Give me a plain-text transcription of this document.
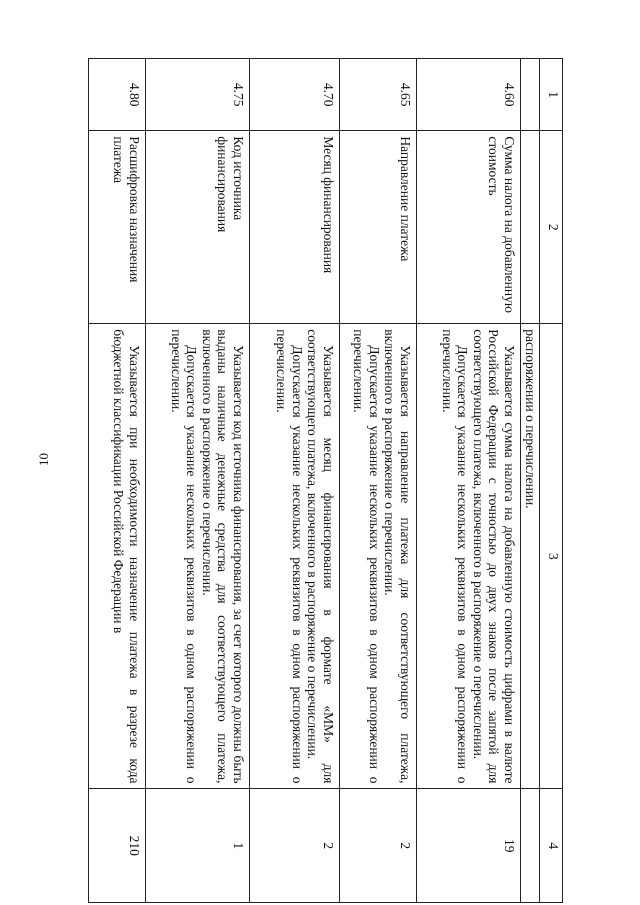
10
1	2	3	4
		распоряжении о перечислении.	
4.60	Сумма налога на добавленную стоимость	Указывается сумма налога на добавленную стоимость цифрами в валюте Российской Федерации с точностью до двух знаков после запятой для соответствующего платежа, включенного в распоряжение о перечислении.
Допускается указание нескольких реквизитов в одном распоряжении о перечислении.	19
4.65	Направление платежа	Указывается направление платежа для соответствующего платежа, включенного в распоряжение о перечислении.
Допускается указание нескольких реквизитов в одном распоряжении о перечислении.	2
4.70	Месяц финансирования	Указывается месяц финансирования в формате «ММ» для соответствующего платежа, включенного в распоряжение о перечислении.
Допускается указание нескольких реквизитов в одном распоряжении о перечислении.	2
4.75	Код источника финансирования	Указывается код источника финансирования, за счет которого должны быть выданы наличные денежные средства для соответствующего платежа, включенного в распоряжение о перечислении.
Допускается указание нескольких реквизитов в одном распоряжении о перечислении.	1
4.80	Расшифровка назначения платежа	Указывается при необходимости назначение платежа в разрезе кода бюджетной классификации Российской Федерации в	210
